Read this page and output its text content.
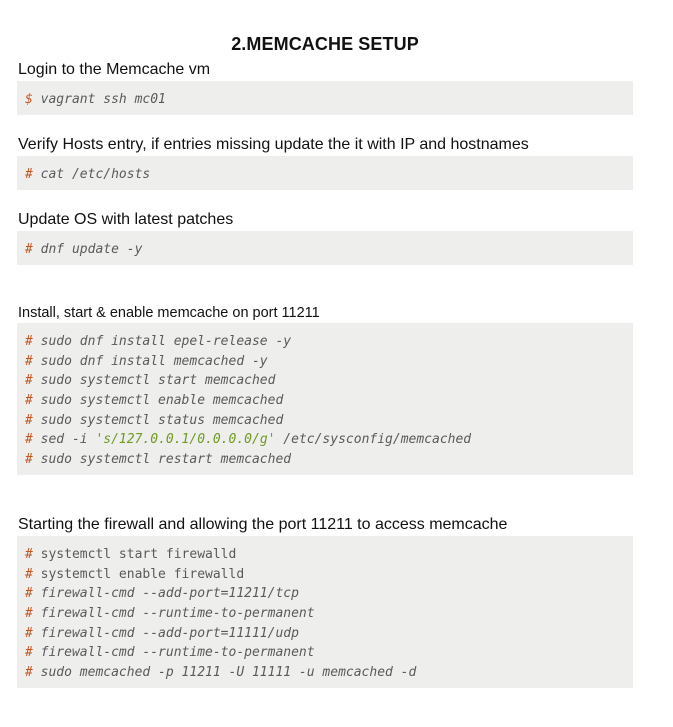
2.MEMCACHE SETUP
Login to the Memcache vm
$ vagrant ssh mc01
Verify Hosts entry, if entries missing update the it with IP and hostnames
# cat /etc/hosts
Update OS with latest patches
# dnf update -y
Install, start & enable memcache on port 11211
# sudo dnf install epel-release -y
# sudo dnf install memcached -y
# sudo systemctl start memcached
# sudo systemctl enable memcached
# sudo systemctl status memcached
# sed -i 's/127.0.0.1/0.0.0.0/g' /etc/sysconfig/memcached
# sudo systemctl restart memcached
Starting the firewall and allowing the port 11211 to access memcache
# systemctl start firewalld
# systemctl enable firewalld
# firewall-cmd --add-port=11211/tcp
# firewall-cmd --runtime-to-permanent
# firewall-cmd --add-port=11111/udp
# firewall-cmd --runtime-to-permanent
# sudo memcached -p 11211 -U 11111 -u memcached -d
